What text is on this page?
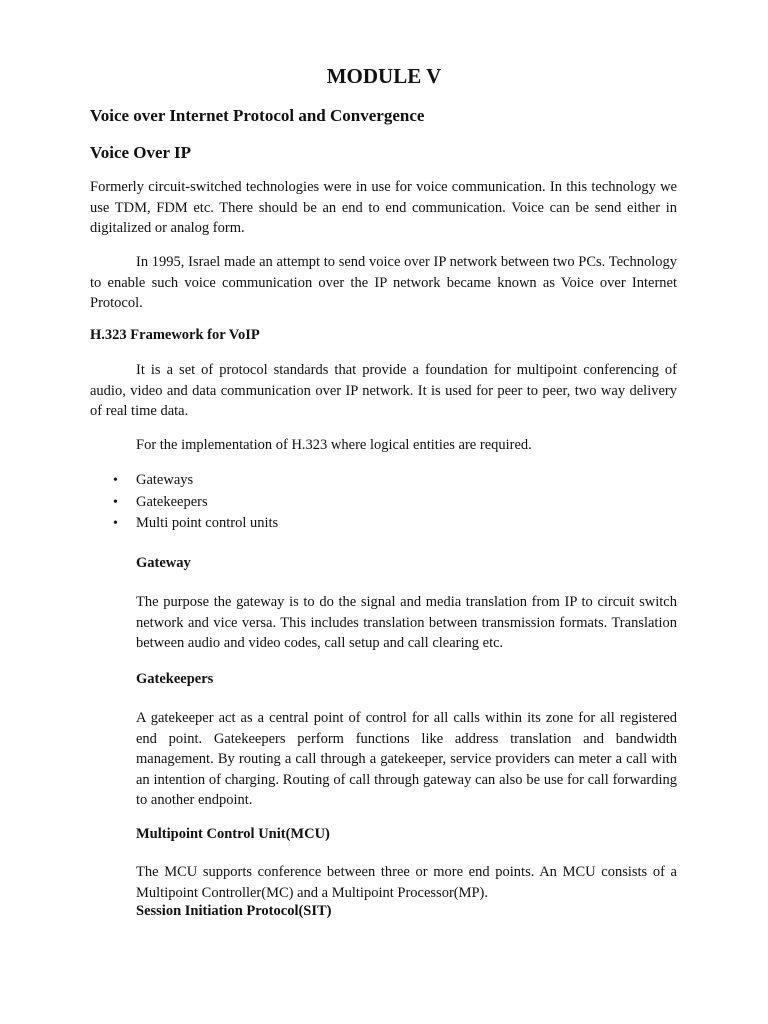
MODULE V
Voice over Internet Protocol and Convergence
Voice Over IP

Formerly circuit-switched technologies were in use for voice communication. In this technology we use TDM, FDM etc. There should be an end to end communication. Voice can be send either in digitalized or analog form.

In 1995, Israel made an attempt to send voice over IP network between two PCs. Technology to enable such voice communication over the IP network became known as Voice over Internet Protocol.

H.323 Framework for VoIP

It is a set of protocol standards that provide a foundation for multipoint conferencing of audio, video and data communication over IP network. It is used for peer to peer, two way delivery of real time data.

For the implementation of H.323 where logical entities are required.

• Gateways
• Gatekeepers
• Multi point control units
Gateway

The purpose the gateway is to do the signal and media translation from IP to circuit switch network and vice versa. This includes translation between transmission formats. Translation between audio and video codes, call setup and call clearing etc.

Gatekeepers

A gatekeeper act as a central point of control for all calls within its zone for all registered end point. Gatekeepers perform functions like address translation and bandwidth management. By routing a call through a gatekeeper, service providers can meter a call with an intention of charging. Routing of call through gateway can also be use for call forwarding to another endpoint.

Multipoint Control Unit(MCU)

The MCU supports conference between three or more end points. An MCU consists of a Multipoint Controller(MC) and a Multipoint Processor(MP).

Session Initiation Protocol(SIT)
